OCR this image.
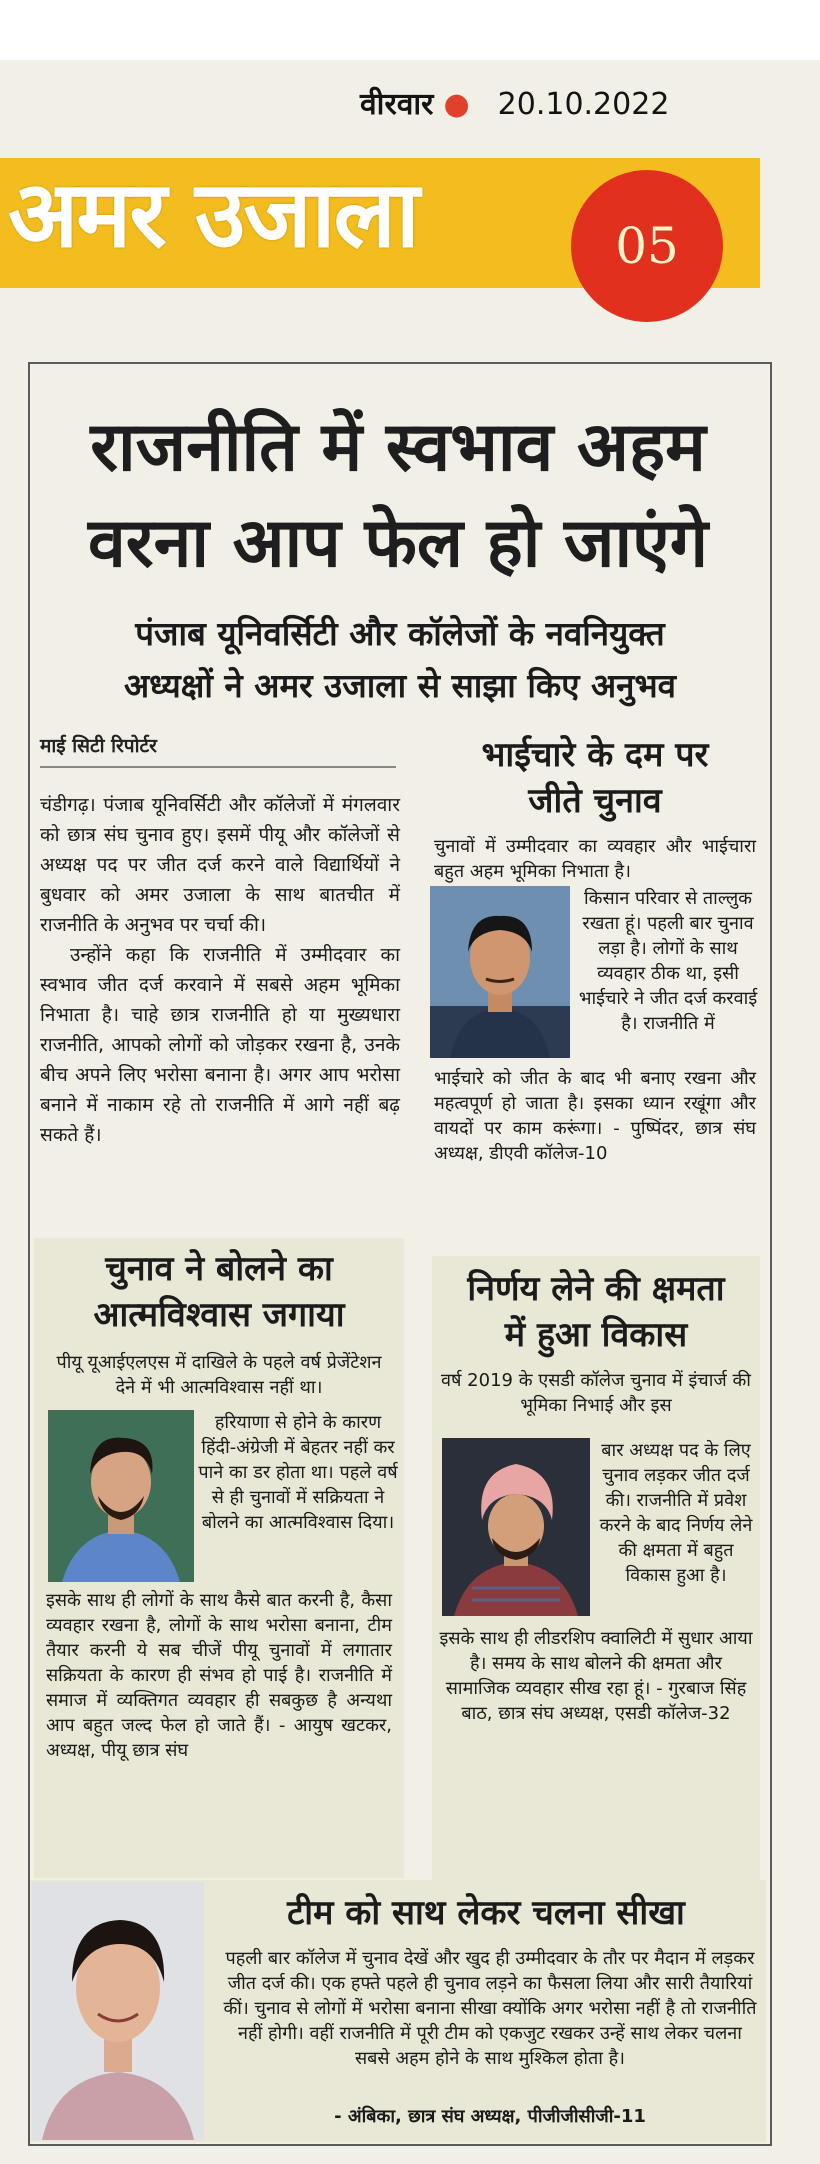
वीरवार ● 20.10.2022
अमर उजाला	05
राजनीति में स्वभाव अहम
वरना आप फेल हो जाएंगे
पंजाब यूनिवर्सिटी और कॉलेजों के नवनियुक्त
अध्यक्षों ने अमर उजाला से साझा किए अनुभव
माई सिटी रिपोर्टर

चंडीगढ़। पंजाब यूनिवर्सिटी और कॉलेजों में मंगलवार को छात्र संघ चुनाव हुए। इसमें पीयू और कॉलेजों से अध्यक्ष पद पर जीत दर्ज करने वाले विद्यार्थियों ने बुधवार को अमर उजाला के साथ बातचीत में राजनीति के अनुभव पर चर्चा की।

उन्होंने कहा कि राजनीति में उम्मीदवार का स्वभाव जीत दर्ज करवाने में सबसे अहम भूमिका निभाता है। चाहे छात्र राजनीति हो या मुख्यधारा राजनीति, आपको लोगों को जोड़कर रखना है, उनके बीच अपने लिए भरोसा बनाना है। अगर आप भरोसा बनाने में नाकाम रहे तो राजनीति में आगे नहीं बढ़ सकते हैं।

भाईचारे के दम पर
जीते चुनाव

चुनावों में उम्मीदवार का व्यवहार और भाईचारा बहुत अहम भूमिका निभाता है।

किसान परिवार से ताल्लुक रखता हूं। पहली बार चुनाव लड़ा है। लोगों के साथ व्यवहार ठीक था, इसी भाईचारे ने जीत दर्ज करवाई है। राजनीति में

भाईचारे को जीत के बाद भी बनाए रखना और महत्वपूर्ण हो जाता है। इसका ध्यान रखूंगा और वायदों पर काम करूंगा। - पुष्पिंदर, छात्र संघ अध्यक्ष, डीएवी कॉलेज-10

चुनाव ने बोलने का
आत्मविश्वास जगाया

पीयू यूआईएलएस में दाखिले के पहले वर्ष प्रेजेंटेशन देने में भी आत्मविश्वास नहीं था।

हरियाणा से होने के कारण हिंदी-अंग्रेजी में बेहतर नहीं कर पाने का डर होता था। पहले वर्ष से ही चुनावों में सक्रियता ने बोलने का आत्मविश्वास दिया।

इसके साथ ही लोगों के साथ कैसे बात करनी है, कैसा व्यवहार रखना है, लोगों के साथ भरोसा बनाना, टीम तैयार करनी ये सब चीजें पीयू चुनावों में लगातार सक्रियता के कारण ही संभव हो पाई है। राजनीति में समाज में व्यक्तिगत व्यवहार ही सबकुछ है अन्यथा आप बहुत जल्द फेल हो जाते हैं। - आयुष खटकर, अध्यक्ष, पीयू छात्र संघ

निर्णय लेने की क्षमता
में हुआ विकास

वर्ष 2019 के एसडी कॉलेज चुनाव में इंचार्ज की भूमिका निभाई और इस

बार अध्यक्ष पद के लिए चुनाव लड़कर जीत दर्ज की। राजनीति में प्रवेश करने के बाद निर्णय लेने की क्षमता में बहुत विकास हुआ है।

इसके साथ ही लीडरशिप क्वालिटी में सुधार आया है। समय के साथ बोलने की क्षमता और सामाजिक व्यवहार सीख रहा हूं। - गुरबाज सिंह बाठ, छात्र संघ अध्यक्ष, एसडी कॉलेज-32

टीम को साथ लेकर चलना सीखा

पहली बार कॉलेज में चुनाव देखें और खुद ही उम्मीदवार के तौर पर मैदान में लड़कर जीत दर्ज की। एक हफ्ते पहले ही चुनाव लड़ने का फैसला लिया और सारी तैयारियां कीं। चुनाव से लोगों में भरोसा बनाना सीखा क्योंकि अगर भरोसा नहीं है तो राजनीति नहीं होगी। वहीं राजनीति में पूरी टीम को एकजुट रखकर उन्हें साथ लेकर चलना सबसे अहम होने के साथ मुश्किल होता है।

- अंबिका, छात्र संघ अध्यक्ष, पीजीजीसीजी-11
